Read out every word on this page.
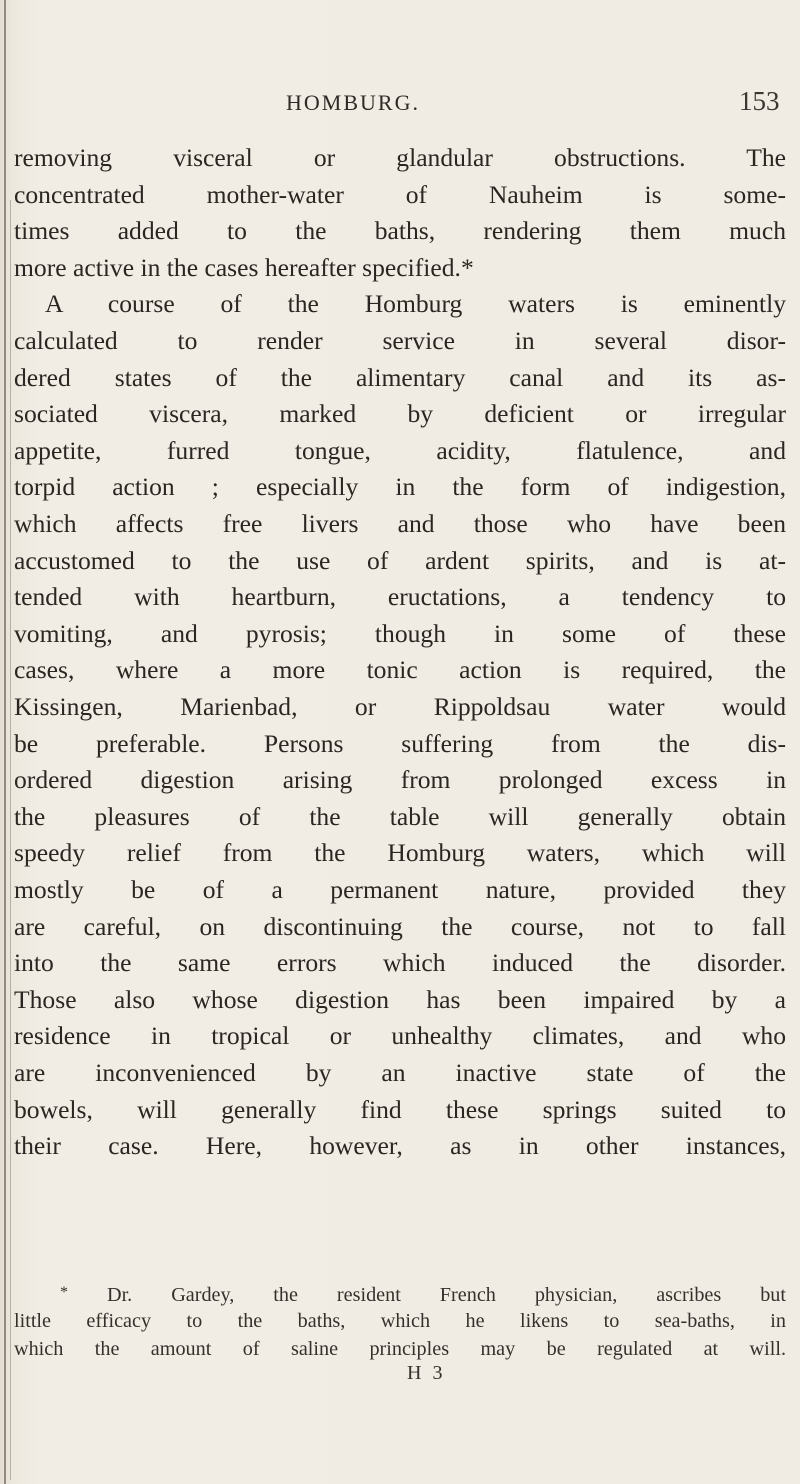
HOMBURG.	153
removing visceral or glandular obstructions. The
concentrated mother-water of Nauheim is some-
times added to the baths, rendering them much
more active in the cases hereafter specified.*
A course of the Homburg waters is eminently
calculated to render service in several disor-
dered states of the alimentary canal and its as-
sociated viscera, marked by deficient or irregular
appetite, furred tongue, acidity, flatulence, and
torpid action ; especially in the form of indigestion,
which affects free livers and those who have been
accustomed to the use of ardent spirits, and is at-
tended with heartburn, eructations, a tendency to
vomiting, and pyrosis; though in some of these
cases, where a more tonic action is required, the
Kissingen, Marienbad, or Rippoldsau water would
be preferable. Persons suffering from the dis-
ordered digestion arising from prolonged excess in
the pleasures of the table will generally obtain
speedy relief from the Homburg waters, which will
mostly be of a permanent nature, provided they
are careful, on discontinuing the course, not to fall
into the same errors which induced the disorder.
Those also whose digestion has been impaired by a
residence in tropical or unhealthy climates, and who
are inconvenienced by an inactive state of the
bowels, will generally find these springs suited to
their case. Here, however, as in other instances,
* Dr. Gardey, the resident French physician, ascribes but
little efficacy to the baths, which he likens to sea-baths, in
which the amount of saline principles may be regulated at will.
H 3
